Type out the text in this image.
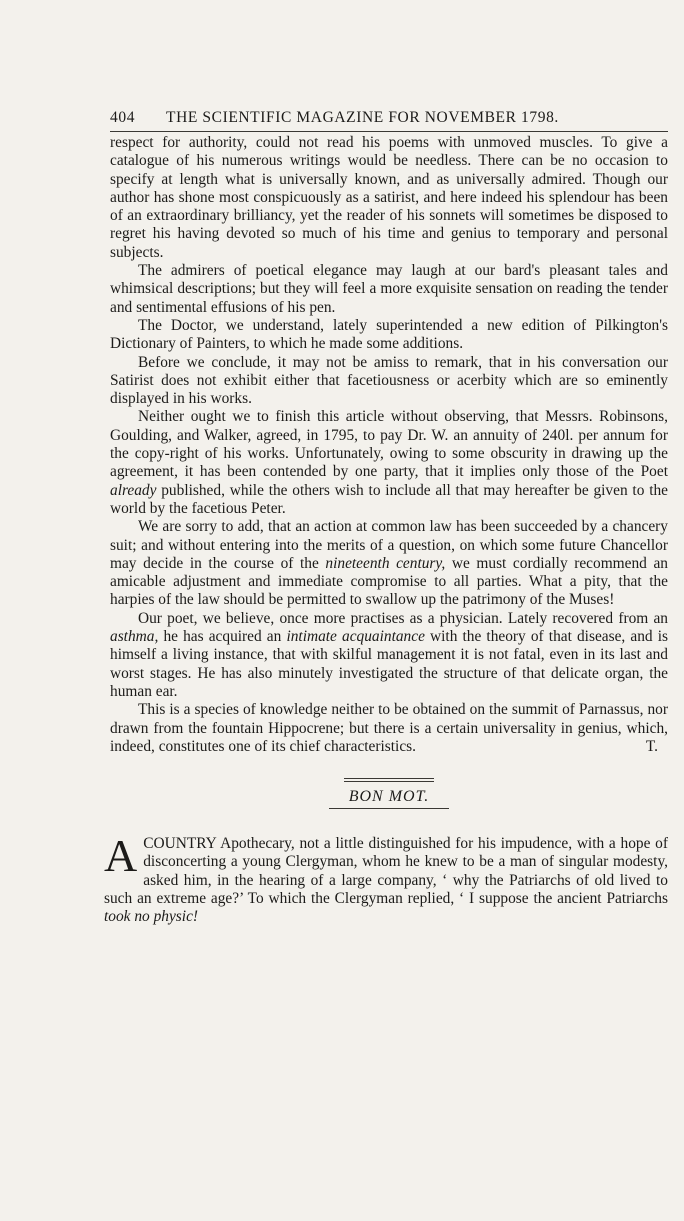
404	THE SCIENTIFIC MAGAZINE FOR NOVEMBER 1798.

respect for authority, could not read his poems with unmoved muscles. To give a catalogue of his numerous writings would be needless. There can be no occasion to specify at length what is universally known, and as universally admired. Though our author has shone most conspicuously as a satirist, and here indeed his splendour has been of an extraordinary brilliancy, yet the reader of his sonnets will sometimes be disposed to regret his having devoted so much of his time and genius to temporary and personal subjects.

The admirers of poetical elegance may laugh at our bard's pleasant tales and whimsical descriptions; but they will feel a more exquisite sensation on reading the tender and sentimental effusions of his pen.

The Doctor, we understand, lately superintended a new edition of Pilkington's Dictionary of Painters, to which he made some additions.

Before we conclude, it may not be amiss to remark, that in his conversation our Satirist does not exhibit either that facetiousness or acerbity which are so eminently displayed in his works.

Neither ought we to finish this article without observing, that Messrs. Robinsons, Goulding, and Walker, agreed, in 1795, to pay Dr. W. an annuity of 240l. per annum for the copy-right of his works. Unfortunately, owing to some obscurity in drawing up the agreement, it has been contended by one party, that it implies only those of the Poet already published, while the others wish to include all that may hereafter be given to the world by the facetious Peter.

We are sorry to add, that an action at common law has been succeeded by a chancery suit; and without entering into the merits of a question, on which some future Chancellor may decide in the course of the nineteenth century, we must cordially recommend an amicable adjustment and immediate compromise to all parties. What a pity, that the harpies of the law should be permitted to swallow up the patrimony of the Muses!

Our poet, we believe, once more practises as a physician. Lately recovered from an asthma, he has acquired an intimate acquaintance with the theory of that disease, and is himself a living instance, that with skilful management it is not fatal, even in its last and worst stages. He has also minutely investigated the structure of that delicate organ, the human ear.

This is a species of knowledge neither to be obtained on the summit of Parnassus, nor drawn from the fountain Hippocrene; but there is a certain universality in genius, which, indeed, constitutes one of its chief characteristics.	T.
BON MOT.

A COUNTRY Apothecary, not a little distinguished for his impudence, with a hope of disconcerting a young Clergyman, whom he knew to be a man of singular modesty, asked him, in the hearing of a large company, ‘ why the Patriarchs of old lived to such an extreme age?’ To which the Clergyman replied, ‘ I suppose the ancient Patriarchs took no physic!
